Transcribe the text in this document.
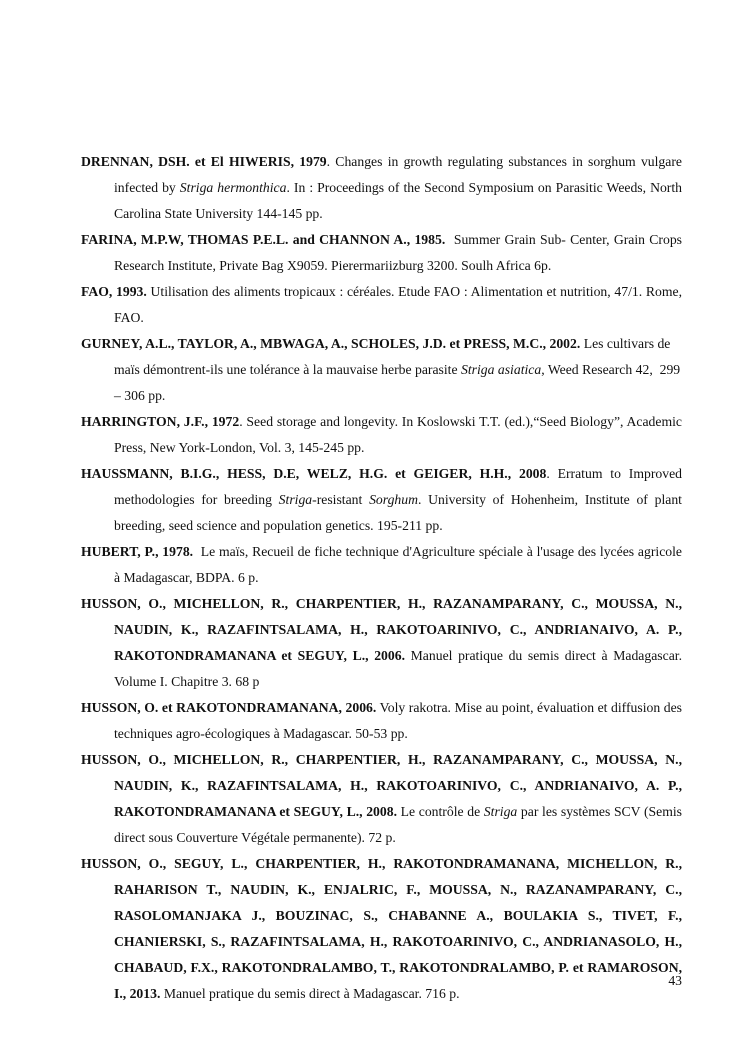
DRENNAN, DSH. et El HIWERIS, 1979. Changes in growth regulating substances in sorghum vulgare infected by Striga hermonthica. In : Proceedings of the Second Symposium on Parasitic Weeds, North Carolina State University 144-145 pp.
FARINA, M.P.W, THOMAS P.E.L. and CHANNON A., 1985.  Summer Grain Sub- Center, Grain Crops Research Institute, Private Bag X9059. Pierermariizburg 3200. Soulh Africa 6p.
FAO, 1993. Utilisation des aliments tropicaux : céréales. Etude FAO : Alimentation et nutrition, 47/1. Rome, FAO.
GURNEY, A.L., TAYLOR, A., MBWAGA, A., SCHOLES, J.D. et PRESS, M.C., 2002. Les cultivars de maïs démontrent-ils une tolérance à la mauvaise herbe parasite Striga asiatica, Weed Research 42,  299 – 306 pp.
HARRINGTON, J.F., 1972. Seed storage and longevity. In Koslowski T.T. (ed.),“Seed Biology”, Academic Press, New York-London, Vol. 3, 145-245 pp.
HAUSSMANN, B.I.G., HESS, D.E, WELZ, H.G. et GEIGER, H.H., 2008. Erratum to Improved methodologies for breeding Striga-resistant Sorghum. University of Hohenheim, Institute of plant breeding, seed science and population genetics. 195-211 pp.
HUBERT, P., 1978.  Le maïs, Recueil de fiche technique d'Agriculture spéciale à l'usage des lycées agricole à Madagascar, BDPA. 6 p.
HUSSON, O., MICHELLON, R., CHARPENTIER, H., RAZANAMPARANY, C., MOUSSA, N., NAUDIN, K., RAZAFINTSALAMA, H., RAKOTOARINIVO, C., ANDRIANAIVO, A. P., RAKOTONDRAMANANA et SEGUY, L., 2006. Manuel pratique du semis direct à Madagascar. Volume I. Chapitre 3. 68 p
HUSSON, O. et RAKOTONDRAMANANA, 2006. Voly rakotra. Mise au point, évaluation et diffusion des techniques agro-écologiques à Madagascar. 50-53 pp.
HUSSON, O., MICHELLON, R., CHARPENTIER, H., RAZANAMPARANY, C., MOUSSA, N., NAUDIN, K., RAZAFINTSALAMA, H., RAKOTOARINIVO, C., ANDRIANAIVO, A. P., RAKOTONDRAMANANA et SEGUY, L., 2008. Le contrôle de Striga par les systèmes SCV (Semis direct sous Couverture Végétale permanente). 72 p.
HUSSON, O., SEGUY, L., CHARPENTIER, H., RAKOTONDRAMANANA, MICHELLON, R., RAHARISON T., NAUDIN, K., ENJALRIC, F., MOUSSA, N., RAZANAMPARANY, C., RASOLOMANJAKA J., BOUZINAC, S., CHABANNE A., BOULAKIA S., TIVET, F., CHANIERSKI, S., RAZAFINTSALAMA, H., RAKOTOARINIVO, C., ANDRIANASOLO, H., CHABAUD, F.X., RAKOTONDRALAMBO, T., RAKOTONDRALAMBO, P. et RAMAROSON, I., 2013. Manuel pratique du semis direct à Madagascar. 716 p.
43
